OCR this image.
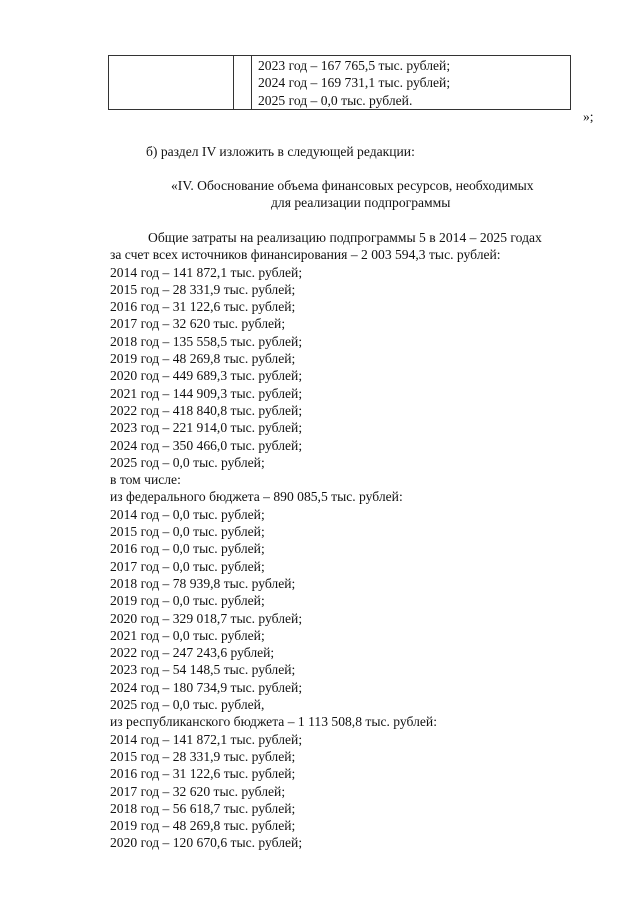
2023 год – 167 765,5 тыс. рублей;
2024 год – 169 731,1 тыс. рублей;
2025 год – 0,0 тыс. рублей.
»;
б) раздел IV изложить в следующей редакции:
«IV. Обоснование объема финансовых ресурсов, необходимых
для реализации подпрограммы
Общие затраты на реализацию подпрограммы 5 в 2014 – 2025 годах
за счет всех источников финансирования – 2 003 594,3 тыс. рублей:
2014 год – 141 872,1 тыс. рублей;
2015 год – 28 331,9 тыс. рублей;
2016 год – 31 122,6 тыс. рублей;
2017 год – 32 620 тыс. рублей;
2018 год – 135 558,5 тыс. рублей;
2019 год – 48 269,8 тыс. рублей;
2020 год – 449 689,3 тыс. рублей;
2021 год – 144 909,3 тыс. рублей;
2022 год – 418 840,8 тыс. рублей;
2023 год – 221 914,0 тыс. рублей;
2024 год – 350 466,0 тыс. рублей;
2025 год – 0,0 тыс. рублей;
в том числе:
из федерального бюджета – 890 085,5 тыс. рублей:
2014 год – 0,0 тыс. рублей;
2015 год – 0,0 тыс. рублей;
2016 год – 0,0 тыс. рублей;
2017 год – 0,0 тыс. рублей;
2018 год – 78 939,8 тыс. рублей;
2019 год – 0,0 тыс. рублей;
2020 год – 329 018,7 тыс. рублей;
2021 год – 0,0 тыс. рублей;
2022 год – 247 243,6 рублей;
2023 год – 54 148,5 тыс. рублей;
2024 год – 180 734,9 тыс. рублей;
2025 год – 0,0 тыс. рублей,
из республиканского бюджета – 1 113 508,8 тыс. рублей:
2014 год – 141 872,1 тыс. рублей;
2015 год – 28 331,9 тыс. рублей;
2016 год – 31 122,6 тыс. рублей;
2017 год – 32 620 тыс. рублей;
2018 год – 56 618,7 тыс. рублей;
2019 год – 48 269,8 тыс. рублей;
2020 год – 120 670,6 тыс. рублей;
